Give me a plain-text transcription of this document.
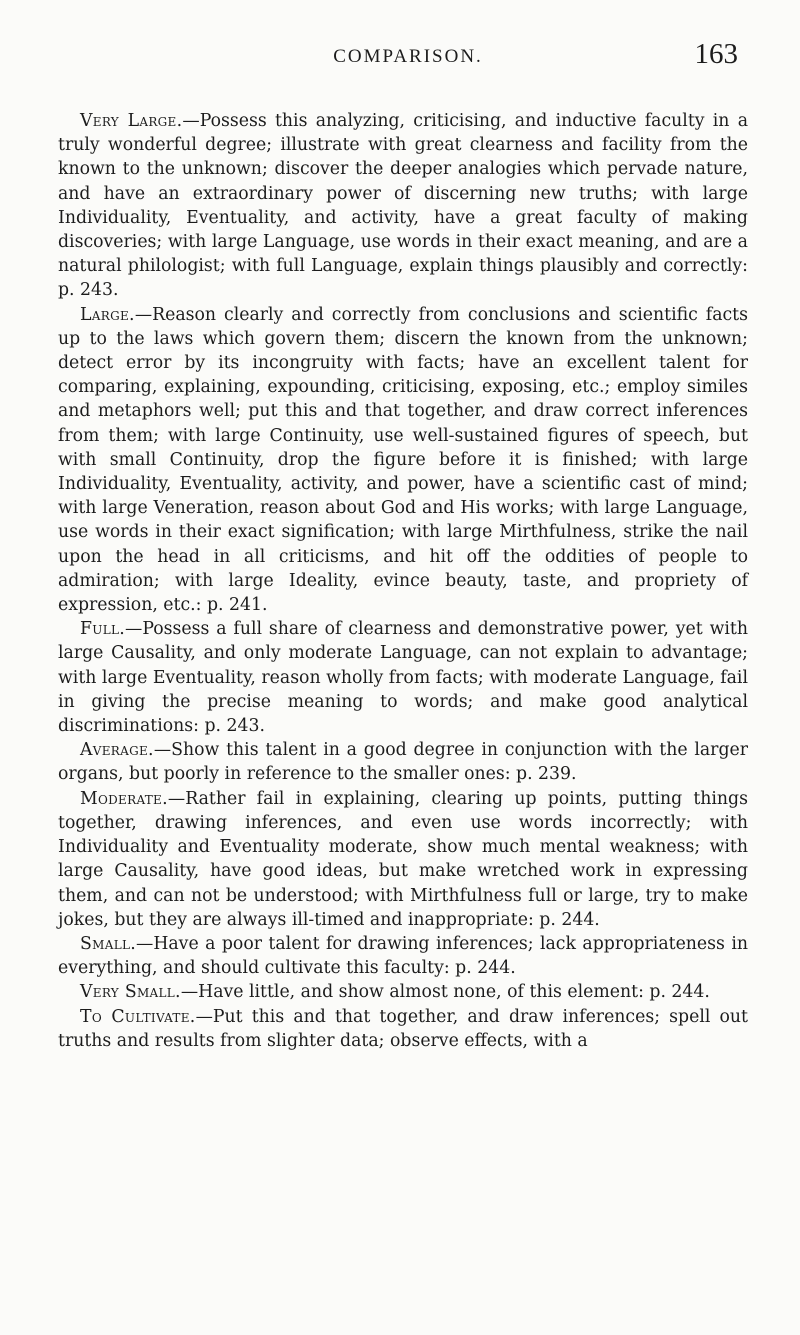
COMPARISON.	163

Very Large.—Possess this analyzing, criticising, and inductive faculty in a truly wonderful degree; illustrate with great clearness and facility from the known to the unknown; discover the deeper analogies which pervade nature, and have an extraordinary power of discerning new truths; with large Individuality, Eventuality, and activity, have a great faculty of making discoveries; with large Language, use words in their exact meaning, and are a natural philologist; with full Language, explain things plausibly and correctly: p. 243.

Large.—Reason clearly and correctly from conclusions and scientific facts up to the laws which govern them; discern the known from the unknown; detect error by its incongruity with facts; have an excellent talent for comparing, explaining, expounding, criticising, exposing, etc.; employ similes and metaphors well; put this and that together, and draw correct inferences from them; with large Continuity, use well-sustained figures of speech, but with small Continuity, drop the figure before it is finished; with large Individuality, Eventuality, activity, and power, have a scientific cast of mind; with large Veneration, reason about God and His works; with large Language, use words in their exact signification; with large Mirthfulness, strike the nail upon the head in all criticisms, and hit off the oddities of people to admiration; with large Ideality, evince beauty, taste, and propriety of expression, etc.: p. 241.

Full.—Possess a full share of clearness and demonstrative power, yet with large Causality, and only moderate Language, can not explain to advantage; with large Eventuality, reason wholly from facts; with moderate Language, fail in giving the precise meaning to words; and make good analytical discriminations: p. 243.

Average.—Show this talent in a good degree in conjunction with the larger organs, but poorly in reference to the smaller ones: p. 239.

Moderate.—Rather fail in explaining, clearing up points, putting things together, drawing inferences, and even use words incorrectly; with Individuality and Eventuality moderate, show much mental weakness; with large Causality, have good ideas, but make wretched work in expressing them, and can not be understood; with Mirthfulness full or large, try to make jokes, but they are always ill-timed and inappropriate: p. 244.

Small.—Have a poor talent for drawing inferences; lack appropriateness in everything, and should cultivate this faculty: p. 244.

Very Small.—Have little, and show almost none, of this element: p. 244.

To Cultivate.—Put this and that together, and draw inferences; spell out truths and results from slighter data; observe effects, with a
